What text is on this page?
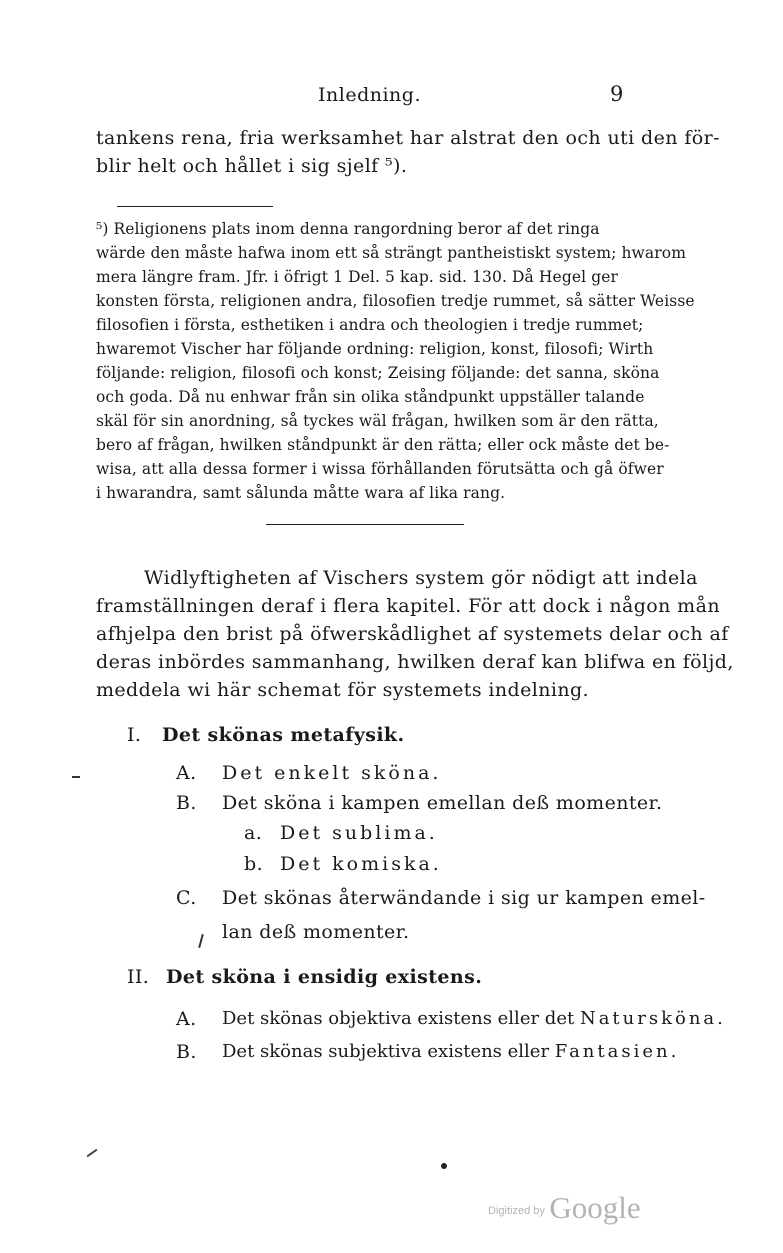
Inledning.	9
tankens rena, fria werksamhet har alstrat den och uti den för-
blir helt och hållet i sig sjelf ⁵).
⁵) Religionens plats inom denna rangordning beror af det ringa
wärde den måste hafwa inom ett så strängt pantheistiskt system; hwarom
mera längre fram. Jfr. i öfrigt 1 Del. 5 kap. sid. 130. Då Hegel ger
konsten första, religionen andra, filosofien tredje rummet, så sätter Weisse
filosofien i första, esthetiken i andra och theologien i tredje rummet;
hwaremot Vischer har följande ordning: religion, konst, filosofi; Wirth
följande: religion, filosofi och konst; Zeising följande: det sanna, sköna
och goda. Då nu enhwar från sin olika ståndpunkt uppställer talande
skäl för sin anordning, så tyckes wäl frågan, hwilken som är den rätta,
bero af frågan, hwilken ståndpunkt är den rätta; eller ock måste det be-
wisa, att alla dessa former i wissa förhållanden förutsätta och gå öfwer
i hwarandra, samt sålunda måtte wara af lika rang.
Widlyftigheten af Vischers system gör nödigt att indela
framställningen deraf i flera kapitel. För att dock i någon mån
afhjelpa den brist på öfwerskådlighet af systemets delar och af
deras inbördes sammanhang, hwilken deraf kan blifwa en följd,
meddela wi här schemat för systemets indelning.
I. Det skönas metafysik.
A. Det enkelt sköna.
B. Det sköna i kampen emellan deß momenter.
a. Det sublima.
b. Det komiska.
C. Det skönas återwändande i sig ur kampen emel-
lan deß momenter.
II. Det sköna i ensidig existens.
A. Det skönas objektiva existens eller det Natursköna.
B. Det skönas subjektiva existens eller Fantasien.
$^{Digitized by}$ Google
